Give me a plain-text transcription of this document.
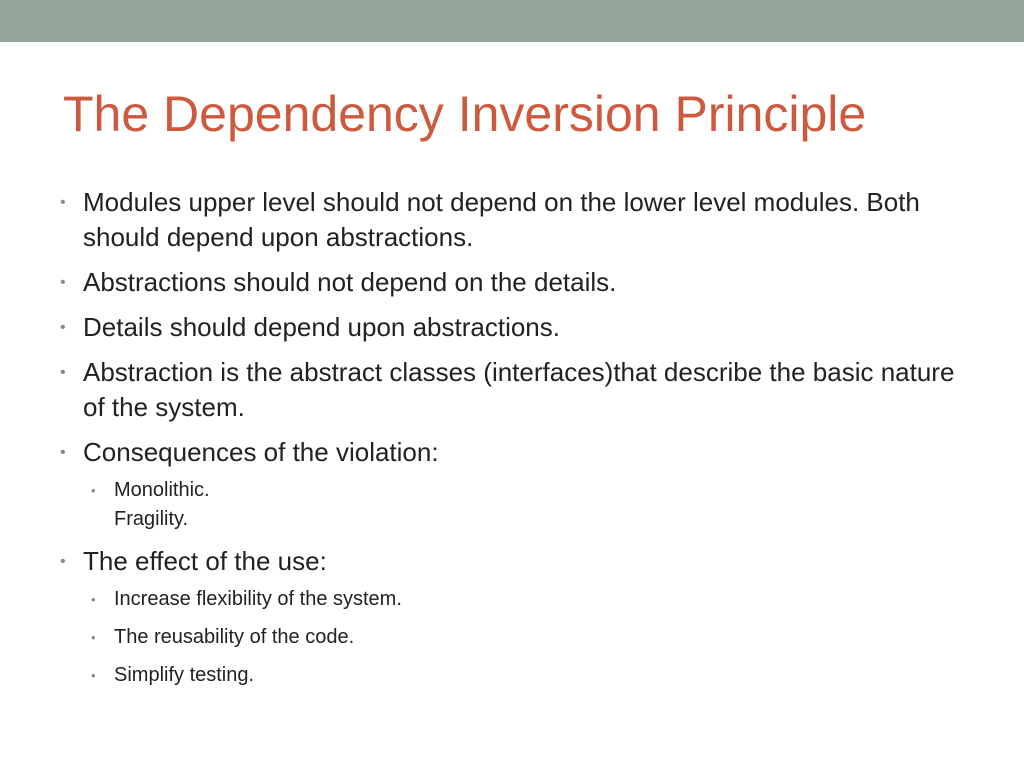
The Dependency Inversion Principle
• Modules upper level should not depend on the lower level modules. Both should depend upon abstractions.
• Abstractions should not depend on the details.
• Details should depend upon abstractions.
• Abstraction is the abstract classes (interfaces)that describe the basic nature of the system.
• Consequences of the violation:
• Monolithic.
Fragility.
• The effect of the use:
• Increase flexibility of the system.
• The reusability of the code.
• Simplify testing.
